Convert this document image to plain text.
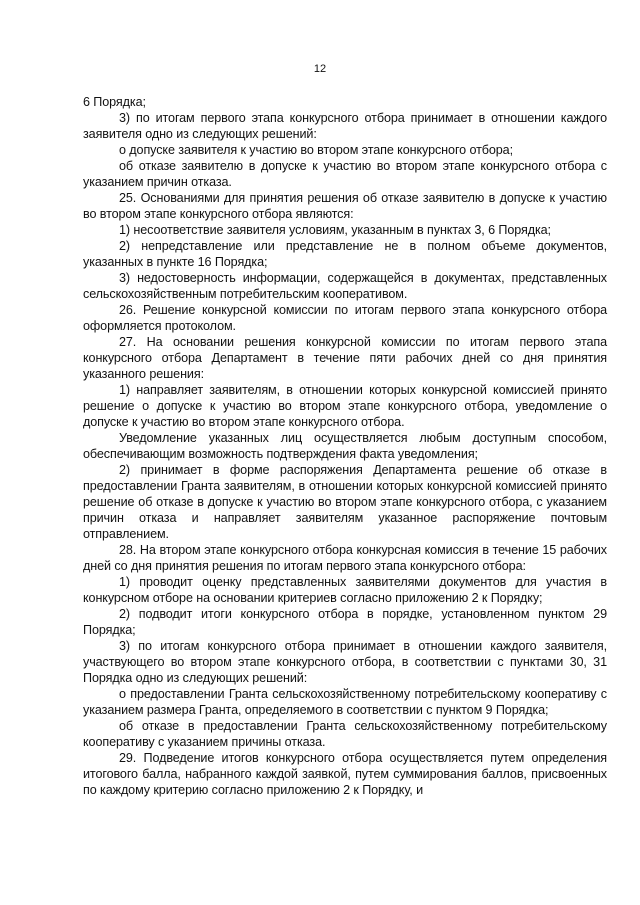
12

6 Порядка;

3) по итогам первого этапа конкурсного отбора принимает в отношении каждого заявителя одно из следующих решений:

о допуске заявителя к участию во втором этапе конкурсного отбора;

об отказе заявителю в допуске к участию во втором этапе конкурсного отбора с указанием причин отказа.

25. Основаниями для принятия решения об отказе заявителю в допуске к участию во втором этапе конкурсного отбора являются:

1) несоответствие заявителя условиям, указанным в пунктах 3, 6 Порядка;

2) непредставление или представление не в полном объеме документов, указанных в пункте 16 Порядка;

3) недостоверность информации, содержащейся в документах, представленных сельскохозяйственным потребительским кооперативом.

26. Решение конкурсной комиссии по итогам первого этапа конкурсного отбора оформляется протоколом.

27. На основании решения конкурсной комиссии по итогам первого этапа конкурсного отбора Департамент в течение пяти рабочих дней со дня принятия указанного решения:

1) направляет заявителям, в отношении которых конкурсной комиссией принято решение о допуске к участию во втором этапе конкурсного отбора, уведомление о допуске к участию во втором этапе конкурсного отбора.

Уведомление указанных лиц осуществляется любым доступным способом, обеспечивающим возможность подтверждения факта уведомления;

2) принимает в форме распоряжения Департамента решение об отказе в предоставлении Гранта заявителям, в отношении которых конкурсной комиссией принято решение об отказе в допуске к участию во втором этапе конкурсного отбора, с указанием причин отказа и направляет заявителям указанное распоряжение почтовым отправлением.

28. На втором этапе конкурсного отбора конкурсная комиссия в течение 15 рабочих дней со дня принятия решения по итогам первого этапа конкурсного отбора:

1) проводит оценку представленных заявителями документов для участия в конкурсном отборе на основании критериев согласно приложению 2 к Порядку;

2) подводит итоги конкурсного отбора в порядке, установленном пунктом 29 Порядка;

3) по итогам конкурсного отбора принимает в отношении каждого заявителя, участвующего во втором этапе конкурсного отбора, в соответствии с пунктами 30, 31 Порядка одно из следующих решений:

о предоставлении Гранта сельскохозяйственному потребительскому кооперативу с указанием размера Гранта, определяемого в соответствии с пунктом 9 Порядка;

об отказе в предоставлении Гранта сельскохозяйственному потребительскому кооперативу с указанием причины отказа.

29. Подведение итогов конкурсного отбора осуществляется путем определения итогового балла, набранного каждой заявкой, путем суммирования баллов, присвоенных по каждому критерию согласно приложению 2 к Порядку, и
